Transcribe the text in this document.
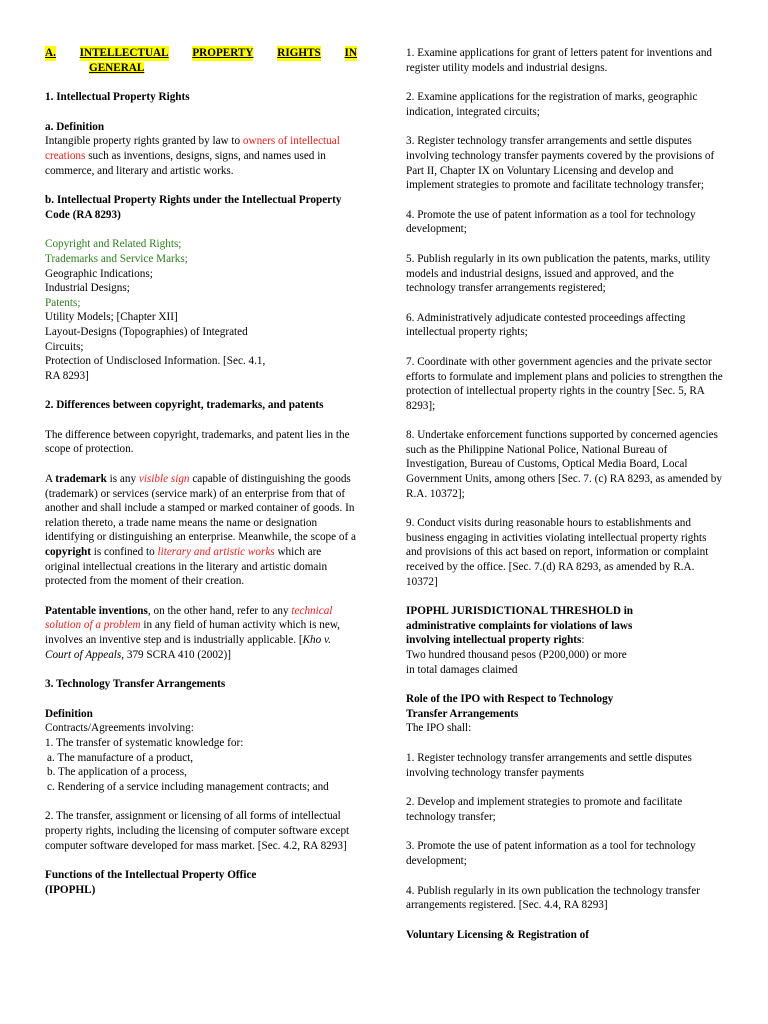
A. INTELLECTUAL PROPERTY RIGHTS IN
GENERAL

1. Intellectual Property Rights

a. Definition

Intangible property rights granted by law to owners of intellectual creations such as inventions, designs, signs, and names used in commerce, and literary and artistic works.

b. Intellectual Property Rights under the Intellectual Property Code (RA 8293)

Copyright and Related Rights;

Trademarks and Service Marks;

Geographic Indications;

Industrial Designs;

Patents;

Utility Models; [Chapter XII]

Layout-Designs (Topographies) of Integrated Circuits;

Protection of Undisclosed Information. [Sec. 4.1, RA 8293]

2. Differences between copyright, trademarks, and patents

The difference between copyright, trademarks, and patent lies in the scope of protection.

A trademark is any visible sign capable of distinguishing the goods (trademark) or services (service mark) of an enterprise from that of another and shall include a stamped or marked container of goods. In relation thereto, a trade name means the name or designation identifying or distinguishing an enterprise. Meanwhile, the scope of a copyright is confined to literary and artistic works which are original intellectual creations in the literary and artistic domain protected from the moment of their creation.

Patentable inventions, on the other hand, refer to any technical solution of a problem in any field of human activity which is new, involves an inventive step and is industrially applicable. [Kho v. Court of Appeals, 379 SCRA 410 (2002)]

3. Technology Transfer Arrangements

Definition

Contracts/Agreements involving:

1. The transfer of systematic knowledge for:

a. The manufacture of a product,

b. The application of a process,

c. Rendering of a service including management contracts; and

2. The transfer, assignment or licensing of all forms of intellectual property rights, including the licensing of computer software except computer software developed for mass market. [Sec. 4.2, RA 8293]

Functions of the Intellectual Property Office (IPOPHL)

1. Examine applications for grant of letters patent for inventions and register utility models and industrial designs.

2. Examine applications for the registration of marks, geographic indication, integrated circuits;

3. Register technology transfer arrangements and settle disputes involving technology transfer payments covered by the provisions of Part II, Chapter IX on Voluntary Licensing and develop and implement strategies to promote and facilitate technology transfer;

4. Promote the use of patent information as a tool for technology development;

5. Publish regularly in its own publication the patents, marks, utility models and industrial designs, issued and approved, and the technology transfer arrangements registered;

6. Administratively adjudicate contested proceedings affecting intellectual property rights;

7. Coordinate with other government agencies and the private sector efforts to formulate and implement plans and policies to strengthen the protection of intellectual property rights in the country [Sec. 5, RA 8293];

8. Undertake enforcement functions supported by concerned agencies such as the Philippine National Police, National Bureau of Investigation, Bureau of Customs, Optical Media Board, Local Government Units, among others [Sec. 7. (c) RA 8293, as amended by R.A. 10372];

9. Conduct visits during reasonable hours to establishments and business engaging in activities violating intellectual property rights and provisions of this act based on report, information or complaint received by the office. [Sec. 7.(d) RA 8293, as amended by R.A. 10372]

IPOPHL JURISDICTIONAL THRESHOLD in administrative complaints for violations of laws involving intellectual property rights:

Two hundred thousand pesos (P200,000) or more in total damages claimed

Role of the IPO with Respect to Technology Transfer Arrangements

The IPO shall:

1. Register technology transfer arrangements and settle disputes involving technology transfer payments

2. Develop and implement strategies to promote and facilitate technology transfer;

3. Promote the use of patent information as a tool for technology development;

4. Publish regularly in its own publication the technology transfer arrangements registered. [Sec. 4.4, RA 8293]

Voluntary Licensing & Registration of
